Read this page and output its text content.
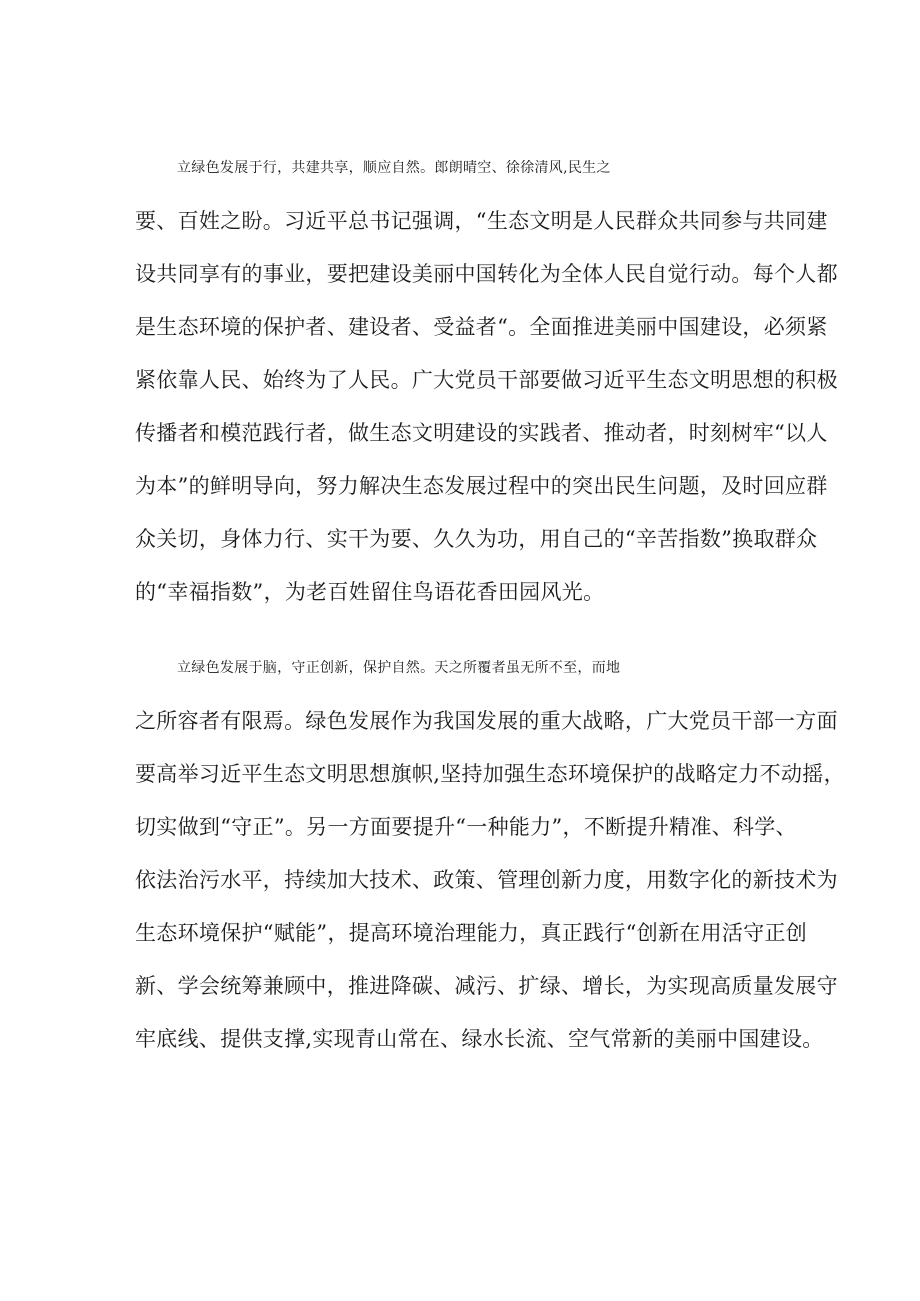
立绿色发展于行，共建共享，顺应自然。郎朗晴空、徐徐清风,民生之
要、百姓之盼。习近平总书记强调，“生态文明是人民群众共同参与共同建
设共同享有的事业，要把建设美丽中国转化为全体人民自觉行动。每个人都
是生态环境的保护者、建设者、受益者“。全面推进美丽中国建设，必须紧
紧依靠人民、始终为了人民。广大党员干部要做习近平生态文明思想的积极
传播者和模范践行者，做生态文明建设的实践者、推动者，时刻树牢“以人
为本”的鲜明导向，努力解决生态发展过程中的突出民生问题，及时回应群
众关切，身体力行、实干为要、久久为功，用自己的“辛苦指数”换取群众
的“幸福指数”，为老百姓留住鸟语花香田园风光。
立绿色发展于脑，守正创新，保护自然。天之所覆者虽无所不至，而地
之所容者有限焉。绿色发展作为我国发展的重大战略，广大党员干部一方面
要高举习近平生态文明思想旗帜,坚持加强生态环境保护的战略定力不动摇，
切实做到“守正”。另一方面要提升“一种能力”，不断提升精准、科学、
依法治污水平，持续加大技术、政策、管理创新力度，用数字化的新技术为
生态环境保护“赋能”，提高环境治理能力，真正践行“创新在用活守正创
新、学会统筹兼顾中，推进降碳、减污、扩绿、增长，为实现高质量发展守
牢底线、提供支撑,实现青山常在、绿水长流、空气常新的美丽中国建设。
